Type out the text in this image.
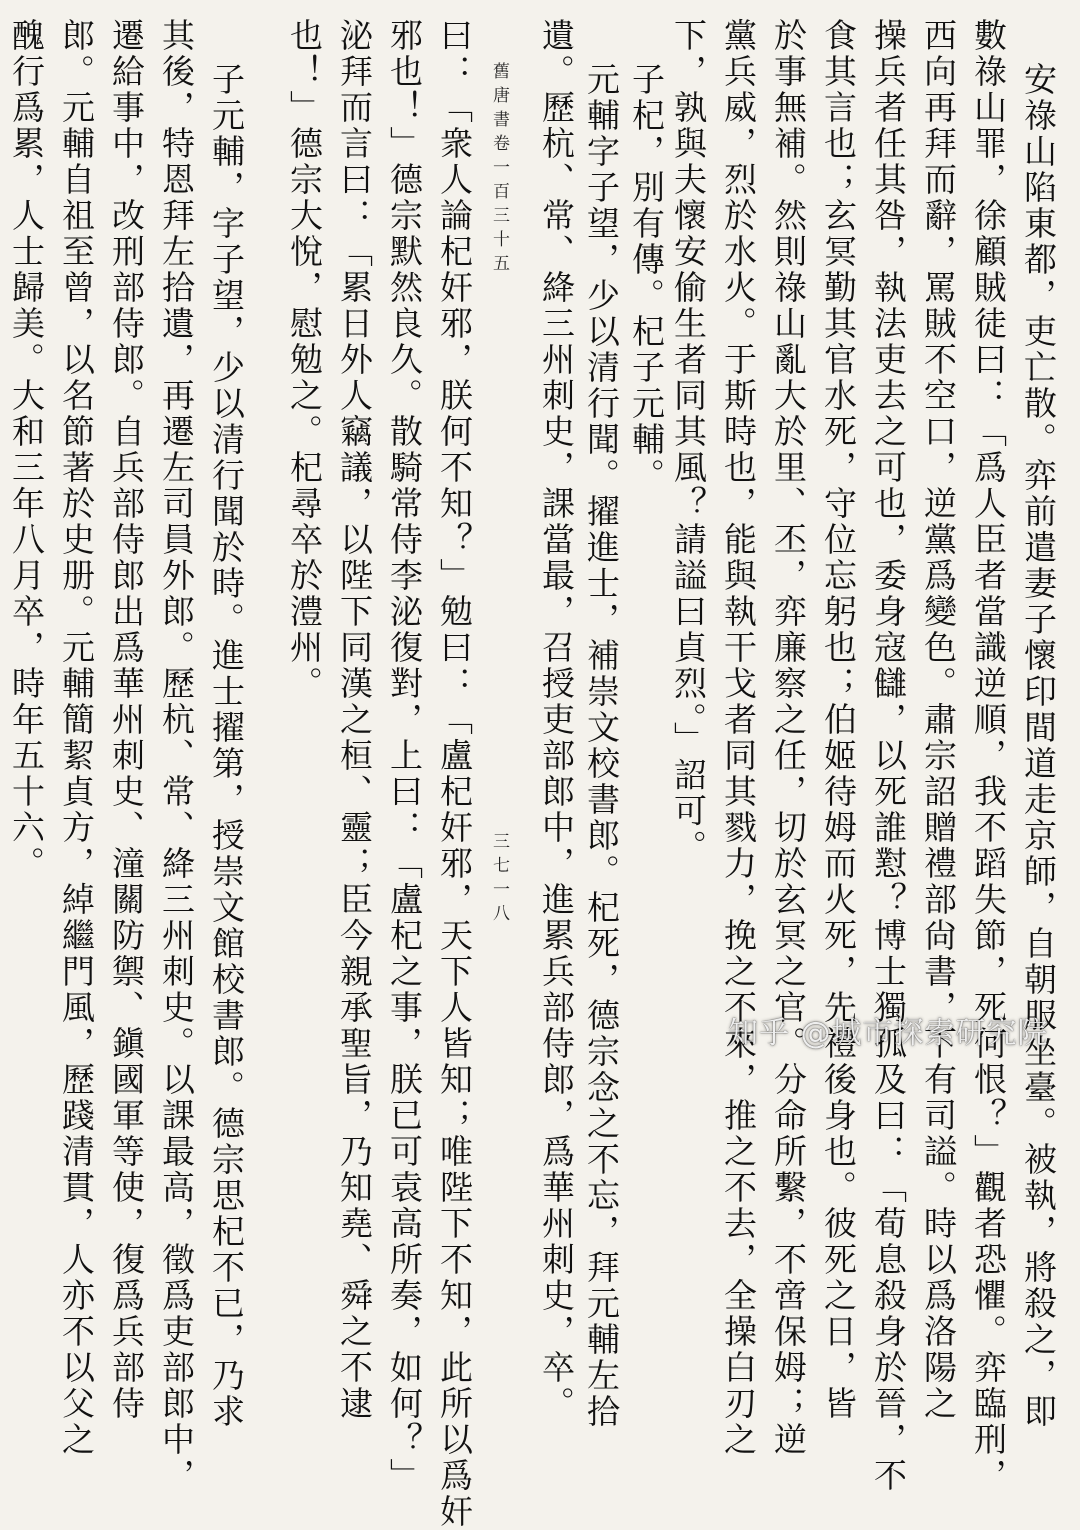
安祿山陷東都，吏亡散。弈前遣妻子懷印間道走京師，自朝服坐臺。被執，將殺之，即
數祿山罪，徐顧賊徒曰：「爲人臣者當識逆順，我不蹈失節，死何恨？」觀者恐懼。弈臨刑，
西向再拜而辭，罵賊不空口，逆黨爲變色。肅宗詔贈禮部尙書，下有司謚。時以爲洛陽之
操兵者任其咎，執法吏去之可也，委身寇讎，以死誰懟？博士獨孤及曰：「荀息殺身於晉，不
食其言也；玄冥勤其官水死，守位忘躬也；伯姬待姆而火死，先禮後身也。彼死之日，皆
於事無補。然則祿山亂大於里、丕，弈廉察之任，切於玄冥之官。分命所繫，不啻保姆；逆
黨兵威，烈於水火。于斯時也，能與執干戈者同其戮力，挽之不來，推之不去，全操白刃之
下，孰與夫懷安偷生者同其風？請謚曰貞烈。」詔可。
子杞，別有傳。杞子元輔。
元輔字子望，少以清行聞。擢進士，補崇文校書郎。杞死，德宗念之不忘，拜元輔左拾
遺。歷杭、常、絳三州刺史，課當最，召授吏部郎中，進累兵部侍郎，爲華州刺史，卒。
三七一八
舊唐書卷一百三十五
曰：「衆人論杞奸邪，朕何不知？」勉曰：「盧杞奸邪，天下人皆知；唯陛下不知，此所以爲奸
邪也！」德宗默然良久。散騎常侍李泌復對，上曰：「盧杞之事，朕已可袁高所奏，如何？」
泌拜而言曰：「累日外人竊議，以陛下同漢之桓、靈；臣今親承聖旨，乃知堯、舜之不逮
也！」德宗大悅，慰勉之。杞尋卒於澧州。
子元輔，字子望，少以清行聞於時。進士擢第，授崇文館校書郎。德宗思杞不已，乃求
其後，特恩拜左拾遺，再遷左司員外郎。歷杭、常、絳三州刺史。以課最高，徵爲吏部郎中，
遷給事中，改刑部侍郎。自兵部侍郎出爲華州刺史、潼關防禦、鎭國軍等使，復爲兵部侍
郎。元輔自祖至曾，以名節著於史册。元輔簡絜貞方，綽繼門風，歷踐清貫，人亦不以父之
醜行爲累，人士歸美。大和三年八月卒，時年五十六。
知乎 @城市探索研究院
